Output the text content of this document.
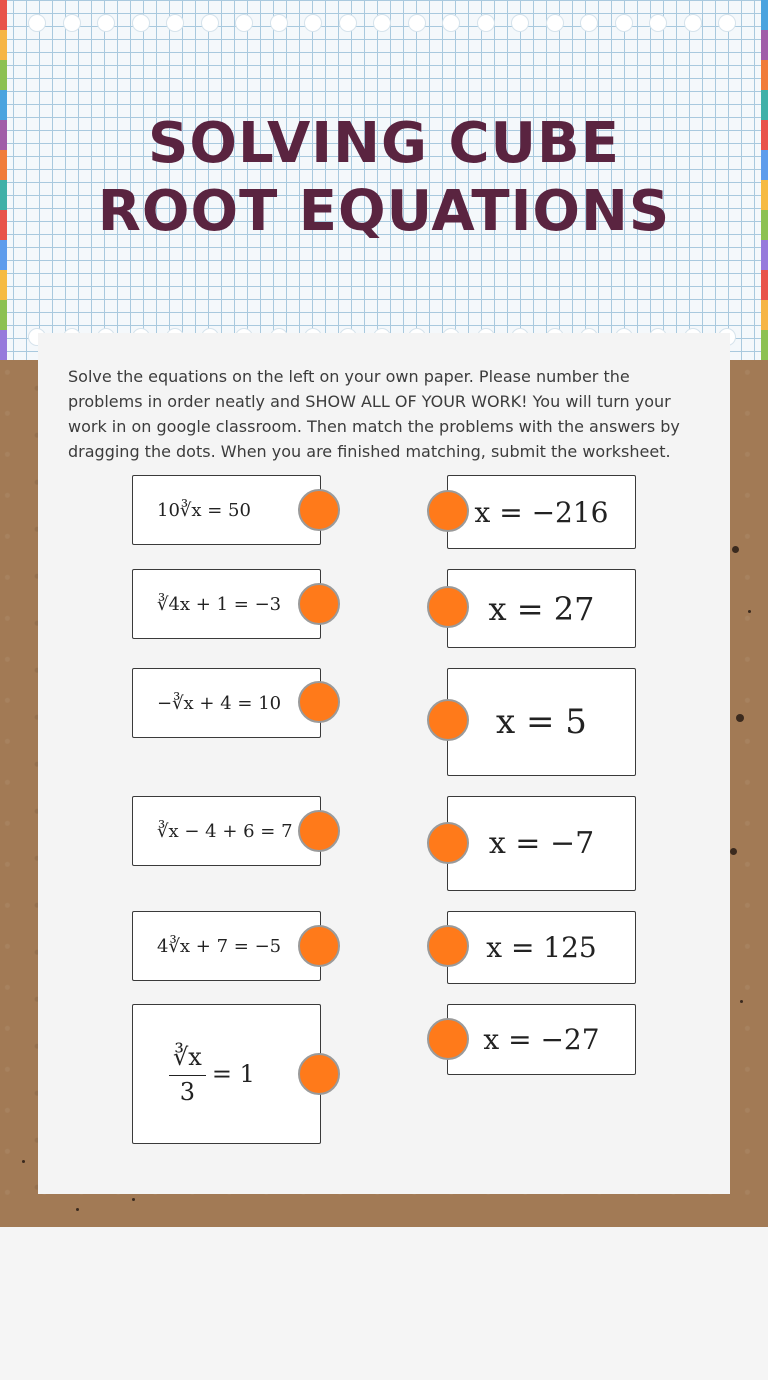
SOLVING CUBE ROOT EQUATIONS

Solve the equations on the left on your own paper. Please number the problems in order neatly and SHOW ALL OF YOUR WORK! You will turn your work in on google classroom. Then match the problems with the answers by dragging the dots. When you are finished matching, submit the worksheet.

10∛x = 50
∛4x + 1 = −3
−∛x + 4 = 10
∛x − 4 + 6 = 7
4∛x + 7 = −5
$\frac{∛x}{3} = 1$
x = −216
x = 27
x = 5
x = −7
x = 125
x = −27
